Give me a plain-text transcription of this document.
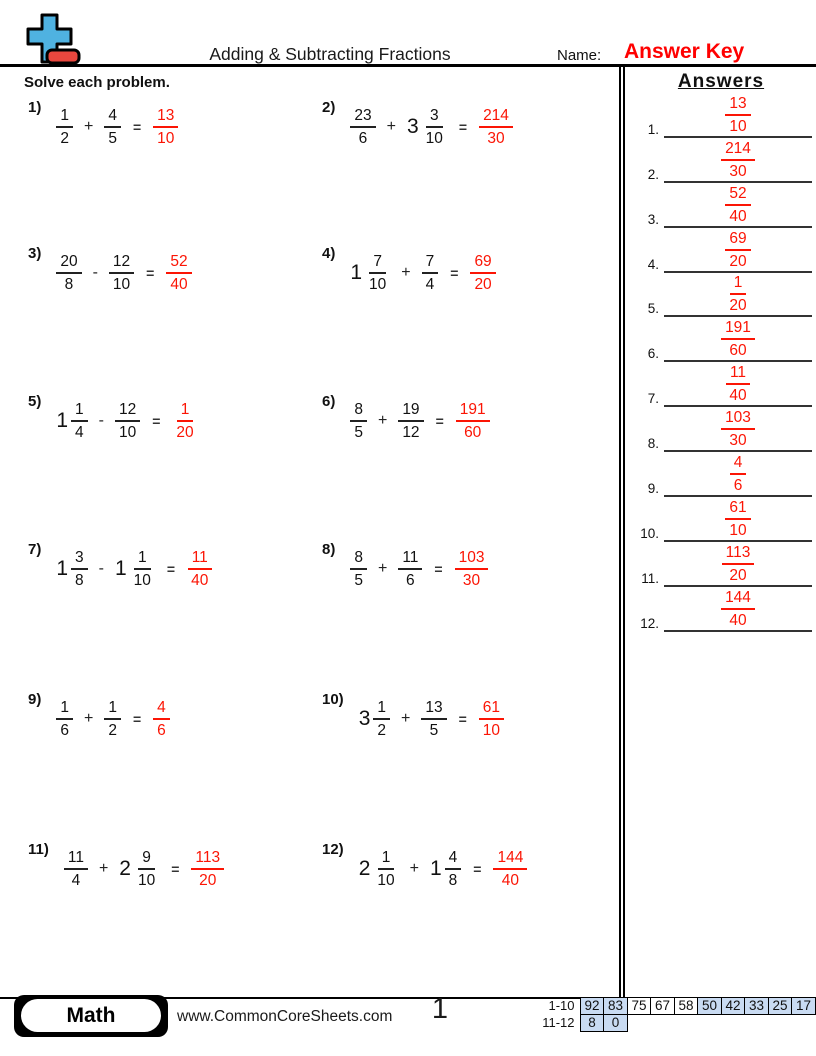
Adding & Subtracting Fractions	Name: Answer Key
Solve each problem.
$1) \frac{1}{2} + \frac{4}{5} = \frac{13}{10}$	$2) \frac{23}{6} + 3 \frac{3}{10} = \frac{214}{30}$
$3) \frac{20}{8} - \frac{12}{10} = \frac{52}{40}$	4)
$1 \frac{7}{10} + \frac{7}{4} = \frac{69}{20}$
5)
$1 \frac{1}{4} - \frac{12}{10} = \frac{1}{20}$	$6) \frac{8}{5} + \frac{19}{12} = \frac{191}{60}$
7)
$1 \frac{3}{8} - 1 \frac{1}{10} = \frac{11}{40}$	$8) \frac{8}{5} + \frac{11}{6} = \frac{103}{30}$
$9) \frac{1}{6} + \frac{1}{2} = \frac{4}{6}$	10)
$3 \frac{1}{2} + \frac{13}{5} = \frac{61}{10}$
$11) \frac{11}{4} + 2 \frac{9}{10} = \frac{113}{20}$	12)
$2 \frac{1}{10} + 1 \frac{4}{8} = \frac{144}{40}$
Answers
1.	$\frac{13}{10}$
2.	$\frac{214}{30}$
3.	$\frac{52}{40}$
4.	$\frac{69}{20}$
5.	$\frac{1}{20}$
6.	$\frac{191}{60}$
7.	$\frac{11}{40}$
8.	$\frac{103}{30}$
9.	$\frac{4}{6}$
10.	$\frac{61}{10}$
11.	$\frac{113}{20}$
12.	$\frac{144}{40}$
Math	www.CommonCoreSheets.com	1	1-10 92 83 75 67 58 50 42 33 25 17
11-12	8	0
